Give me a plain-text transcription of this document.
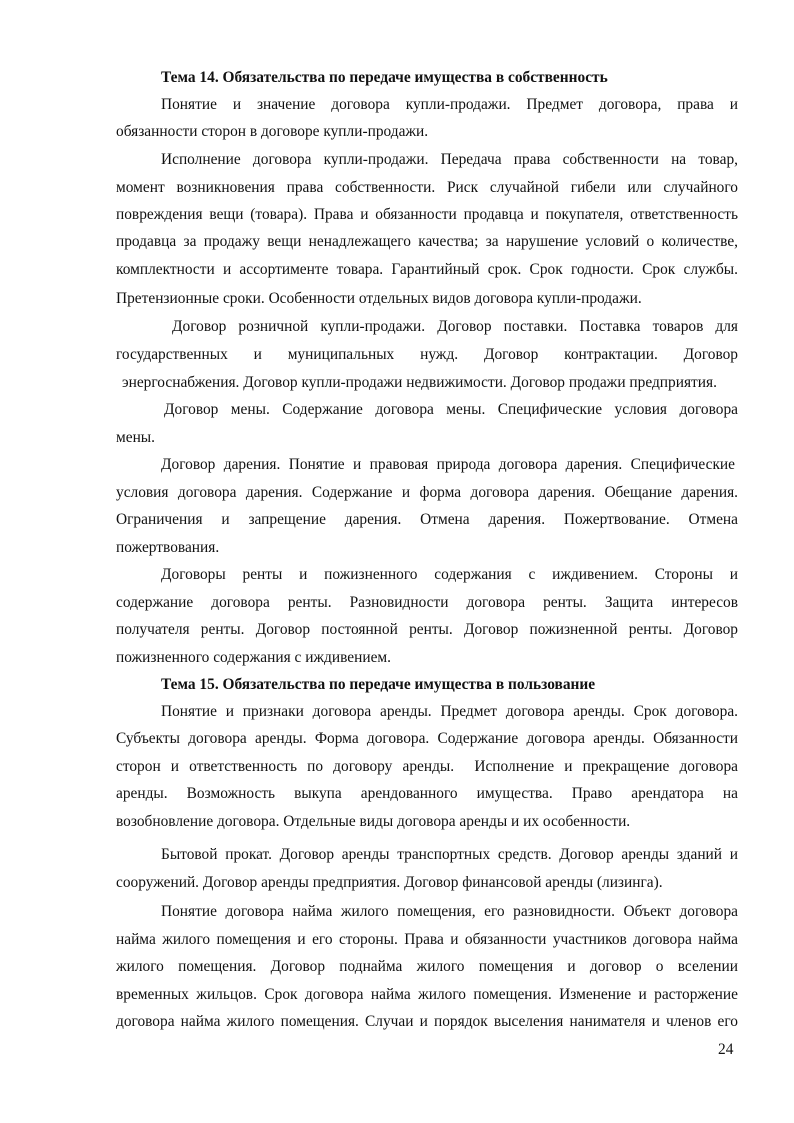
Тема 14. Обязательства по передаче имущества в собственность
Понятие и значение договора купли-продажи. Предмет договора, права и
обязанности сторон в договоре купли-продажи.
Исполнение договора купли-продажи. Передача права собственности на товар,
момент возникновения права собственности. Риск случайной гибели или случайного
повреждения вещи (товара). Права и обязанности продавца и покупателя, ответственность
продавца за продажу вещи ненадлежащего качества; за нарушение условий о количестве,
комплектности и ассортименте товара. Гарантийный срок. Срок годности. Срок службы.
Претензионные сроки. Особенности отдельных видов договора купли-продажи.
Договор розничной купли-продажи. Договор поставки. Поставка товаров для
государственных и муниципальных нужд. Договор контрактации. Договор
энергоснабжения. Договор купли-продажи недвижимости. Договор продажи предприятия.
Договор мены. Содержание договора мены. Специфические условия договора
мены.
Договор дарения. Понятие и правовая природа договора дарения. Специфические
условия договора дарения. Содержание и форма договора дарения. Обещание дарения.
Ограничения и запрещение дарения. Отмена дарения. Пожертвование. Отмена
пожертвования.
Договоры ренты и пожизненного содержания с иждивением. Стороны и
содержание договора ренты. Разновидности договора ренты. Защита интересов
получателя ренты. Договор постоянной ренты. Договор пожизненной ренты. Договор
пожизненного содержания с иждивением.
Тема 15. Обязательства по передаче имущества в пользование
Понятие и признаки договора аренды. Предмет договора аренды. Срок договора.
Субъекты договора аренды. Форма договора. Содержание договора аренды. Обязанности
сторон и ответственность по договору аренды.  Исполнение и прекращение договора
аренды. Возможность выкупа арендованного имущества. Право арендатора на
возобновление договора. Отдельные виды договора аренды и их особенности.
Бытовой прокат. Договор аренды транспортных средств. Договор аренды зданий и
сооружений. Договор аренды предприятия. Договор финансовой аренды (лизинга).
Понятие договора найма жилого помещения, его разновидности. Объект договора
найма жилого помещения и его стороны. Права и обязанности участников договора найма
жилого помещения. Договор поднайма жилого помещения и договор о вселении
временных жильцов. Срок договора найма жилого помещения. Изменение и расторжение
договора найма жилого помещения. Случаи и порядок выселения нанимателя и членов его
24
